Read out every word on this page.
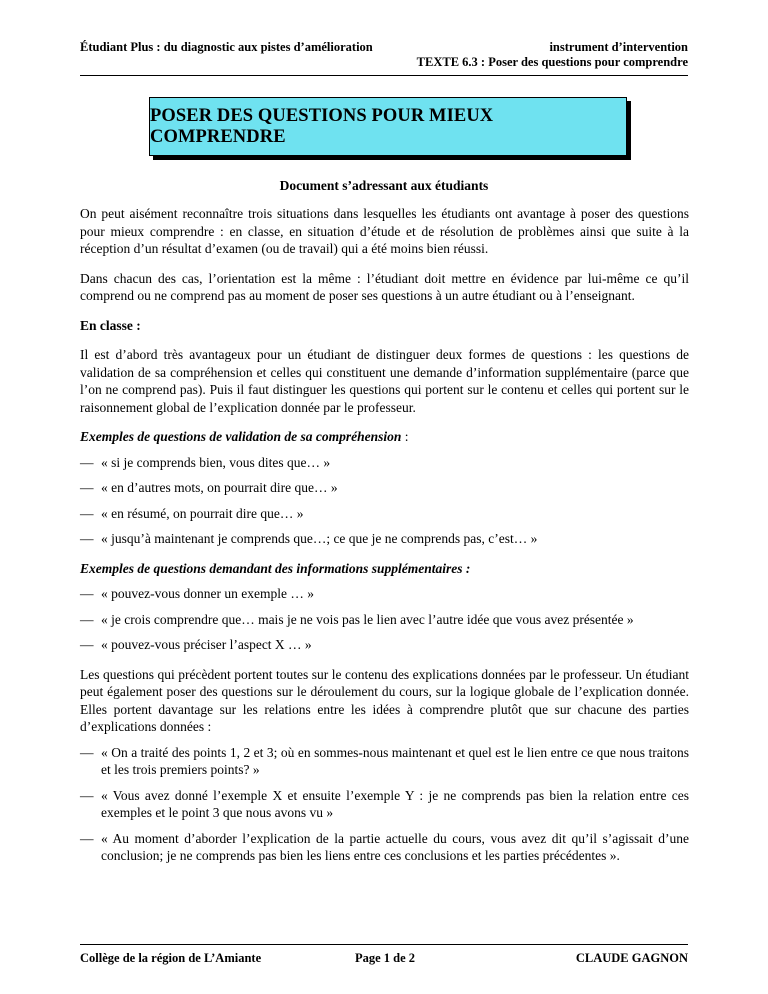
Étudiant Plus : du diagnostic aux pistes d’amélioration	instrument d’intervention
TEXTE 6.3 : Poser des questions pour comprendre
POSER DES QUESTIONS POUR MIEUX COMPRENDRE
Document s’adressant aux étudiants

On peut aisément reconnaître trois situations dans lesquelles les étudiants ont avantage à poser des questions pour mieux comprendre : en classe, en situation d’étude et de résolution de problèmes ainsi que suite à la réception d’un résultat d’examen (ou de travail) qui a été moins bien réussi.

Dans chacun des cas, l’orientation est la même : l’étudiant doit mettre en évidence par lui-même ce qu’il comprend ou ne comprend pas au moment de poser ses questions à un autre étudiant ou à l’enseignant.

En classe :

Il est d’abord très avantageux pour un étudiant de distinguer deux formes de questions : les questions de validation de sa compréhension et celles qui constituent une demande d’information supplémentaire (parce que l’on ne comprend pas). Puis il faut distinguer les questions qui portent sur le contenu et celles qui portent sur le raisonnement global de l’explication donnée par le professeur.

Exemples de questions de validation de sa compréhension :

— « si je comprends bien, vous dites que… »

— « en d’autres mots, on pourrait dire que… »

— « en résumé, on pourrait dire que… »

— « jusqu’à maintenant je comprends que…; ce que je ne comprends pas, c’est… »

Exemples de questions demandant des informations supplémentaires :

— « pouvez-vous donner un exemple … »

— « je crois comprendre que… mais je ne vois pas le lien avec l’autre idée que vous avez présentée »

— « pouvez-vous préciser l’aspect X … »

Les questions qui précèdent portent toutes sur le contenu des explications données par le professeur. Un étudiant peut également poser des questions sur le déroulement du cours, sur la logique globale de l’explication donnée. Elles portent davantage sur les relations entre les idées à comprendre plutôt que sur chacune des parties d’explications données :

— « On a traité des points 1, 2 et 3; où en sommes-nous maintenant et quel est le lien entre ce que nous traitons et les trois premiers points? »

— « Vous avez donné l’exemple X et ensuite l’exemple Y : je ne comprends pas bien la relation entre ces exemples et le point 3 que nous avons vu »

— « Au moment d’aborder l’explication de la partie actuelle du cours, vous avez dit qu’il s’agissait d’une conclusion; je ne comprends pas bien les liens entre ces conclusions et les parties précédentes ».

Collège de la région de L’Amiante	Page 1 de 2	CLAUDE GAGNON
